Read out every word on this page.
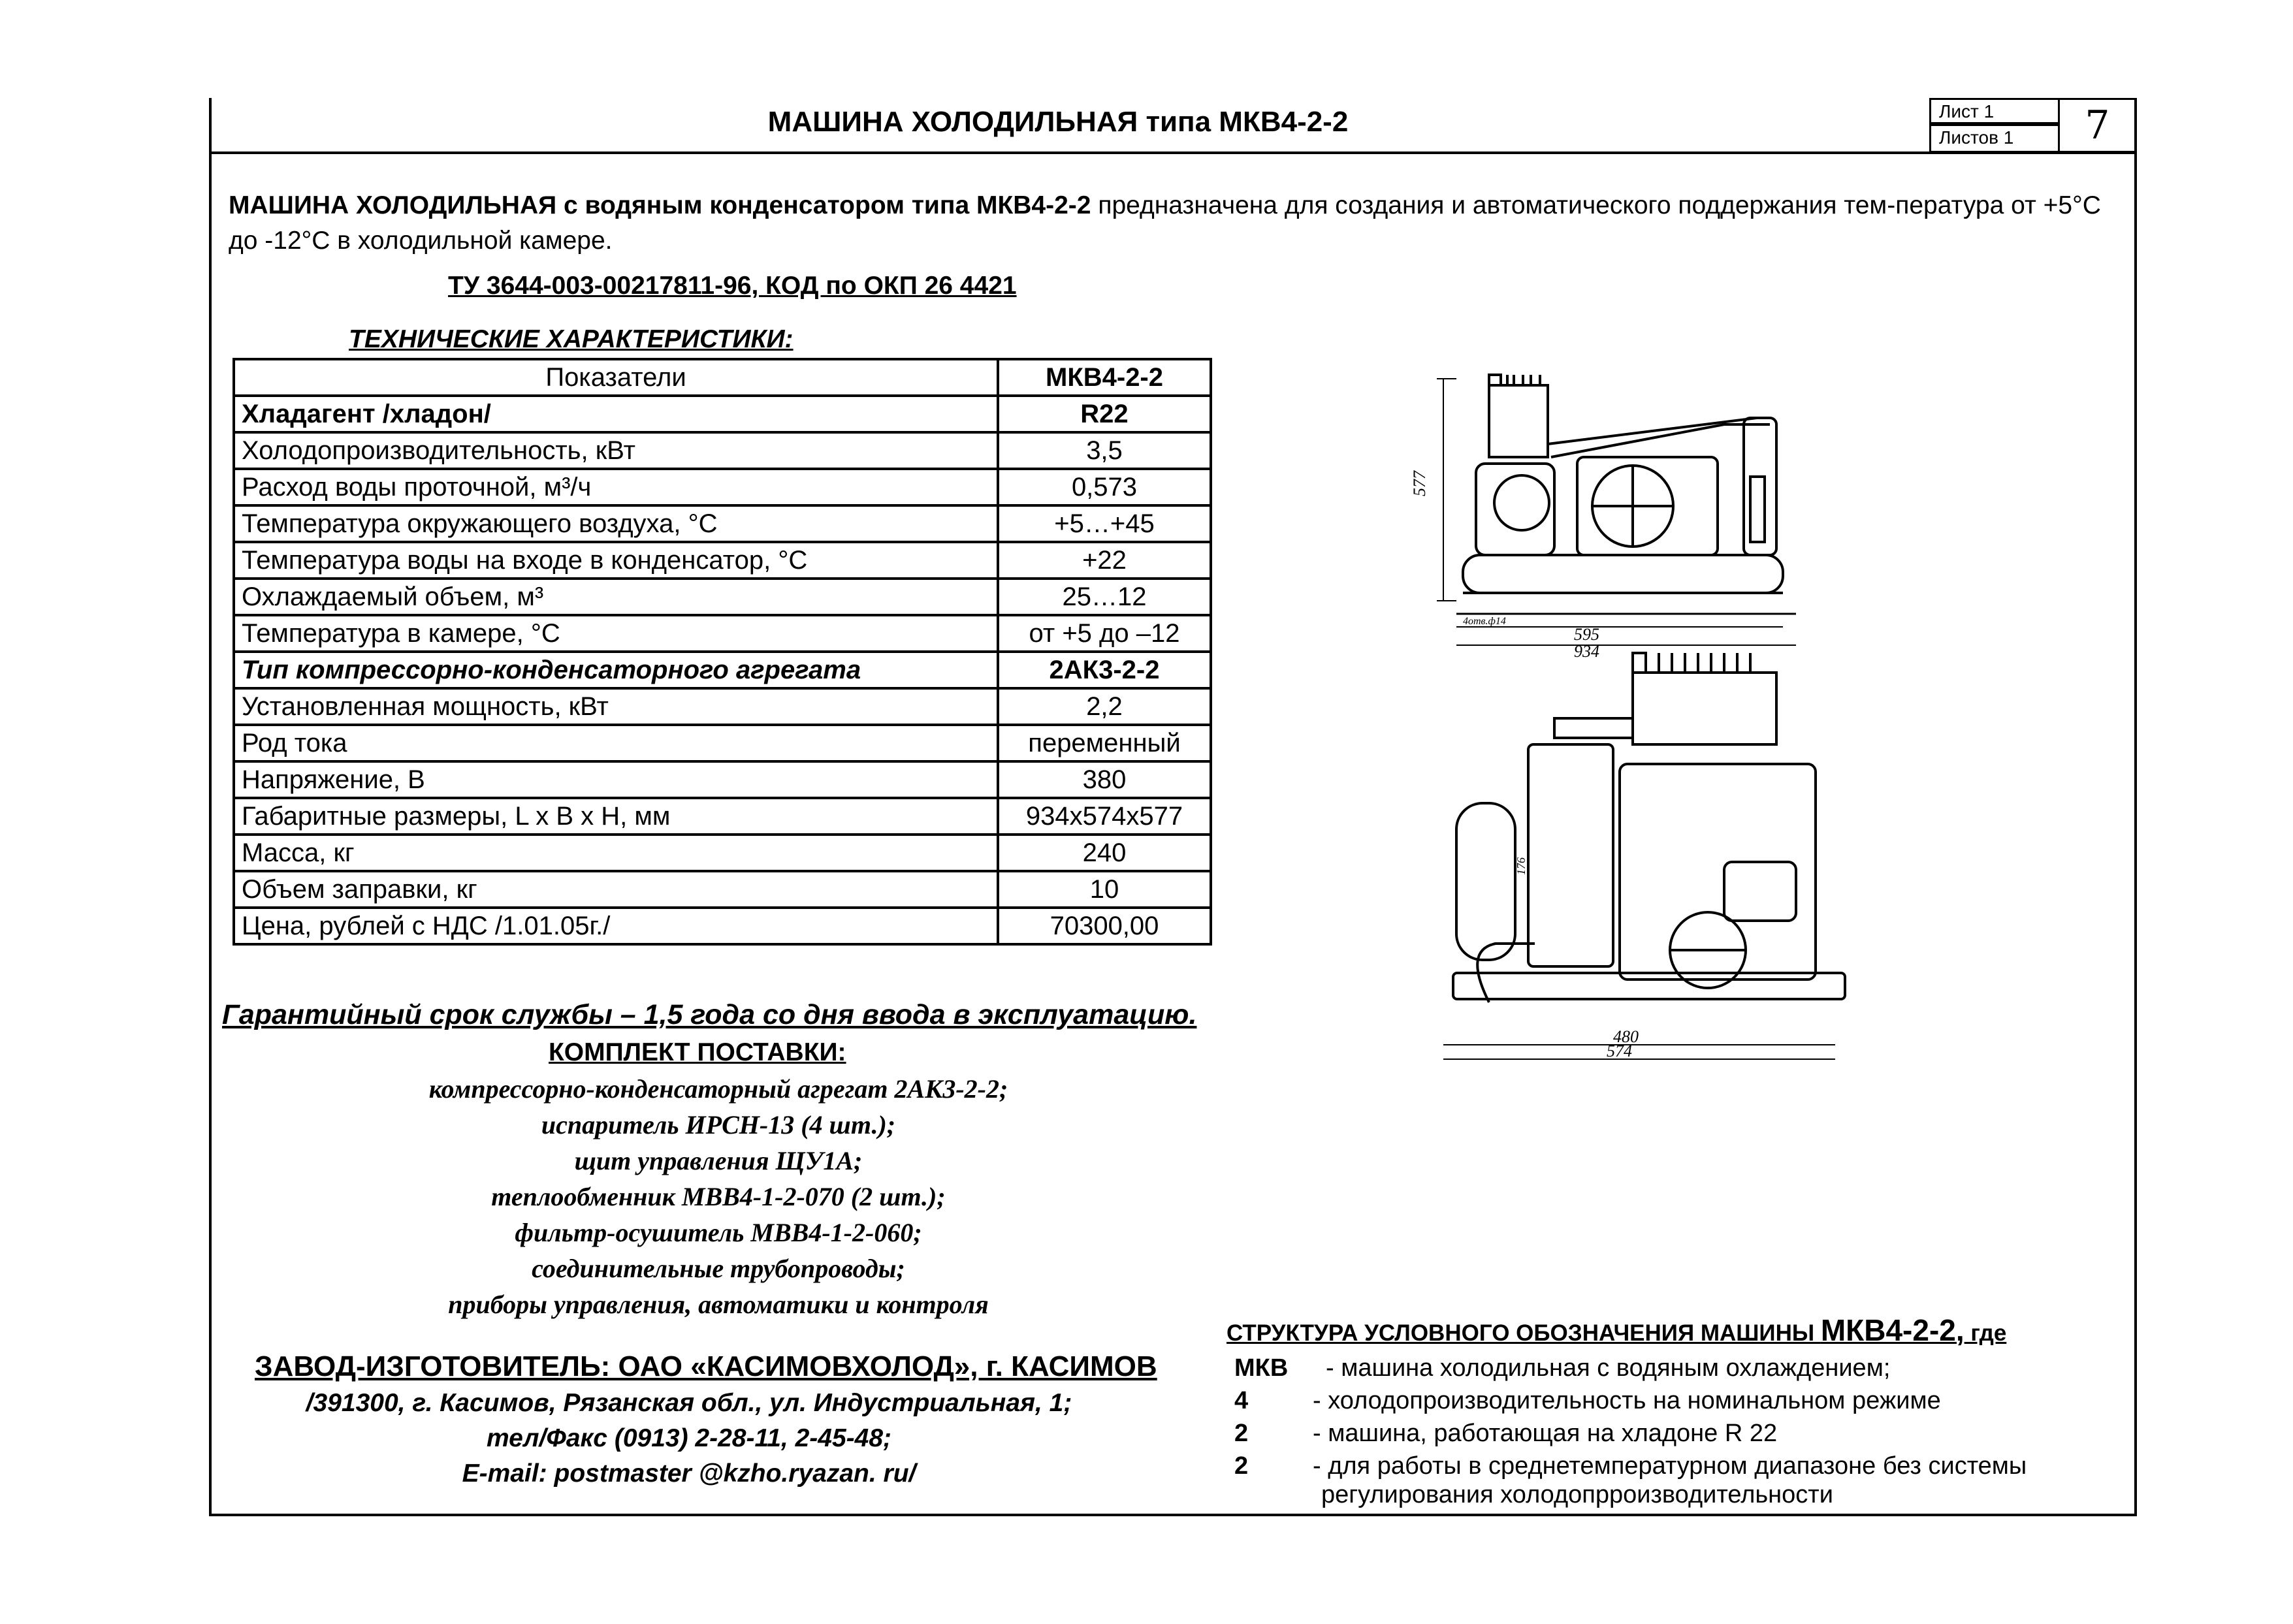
МАШИНА ХОЛОДИЛЬНАЯ типа МКВ4-2-2	Лист 1
Листов 1	7
МАШИНА ХОЛОДИЛЬНАЯ с водяным конденсатором типа МКВ4-2-2 предназначена для создания и автоматического поддержания тем-пература от +5°С до -12°С в холодильной камере.
ТУ 3644-003-00217811-96, КОД по ОКП 26 4421
ТЕХНИЧЕСКИЕ ХАРАКТЕРИСТИКИ:
Показатели	МКВ4-2-2
Хладагент /хладон/	R22
Холодопроизводительность, кВт	3,5
Расход воды проточной, м³/ч	0,573
Температура окружающего воздуха, °С	+5…+45
Температура воды на входе в конденсатор, °С	+22
Охлаждаемый объем, м³	25…12
Температура в камере, °С	от +5 до –12
Тип компрессорно-конденсаторного агрегата	2АК3-2-2
Установленная мощность, кВт	2,2
Род тока	переменный
Напряжение, В	380
Габаритные размеры, L x B x H, мм	934x574x577
Масса, кг	240
Объем заправки, кг	10
Цена, рублей с НДС /1.01.05г./	70300,00
Гарантийный срок службы – 1,5 года со дня ввода в эксплуатацию.
КОМПЛЕКТ ПОСТАВКИ:
компрессорно-конденсаторный агрегат 2АК3-2-2;
испаритель ИРСН-13 (4 шт.);
щит управления ЩУ1А;
теплообменник МВВ4-1-2-070 (2 шт.);
фильтр-осушитель МВВ4-1-2-060;
соединительные трубопроводы;
приборы управления, автоматики и контроля
ЗАВОД-ИЗГОТОВИТЕЛЬ: ОАО «КАСИМОВХОЛОД», г. КАСИМОВ
/391300, г. Касимов, Рязанская обл., ул. Индустриальная, 1;
тел/Факс (0913) 2-28-11, 2-45-48;
E-mail: postmaster @kzho.ryazan. ru/
СТРУКТУРА УСЛОВНОГО ОБОЗНАЧЕНИЯ МАШИНЫ МКВ4-2-2, где
МКВ - машина холодильная с водяным охлаждением;
4	- холодопроизводительность на номинальном режиме
2	- машина, работающая на хладоне R 22
2	- для работы в среднетемпературном диапазоне без системы
регулирования холодопрроизводительности
577
595
934
4отв.ф14
480
574
176
